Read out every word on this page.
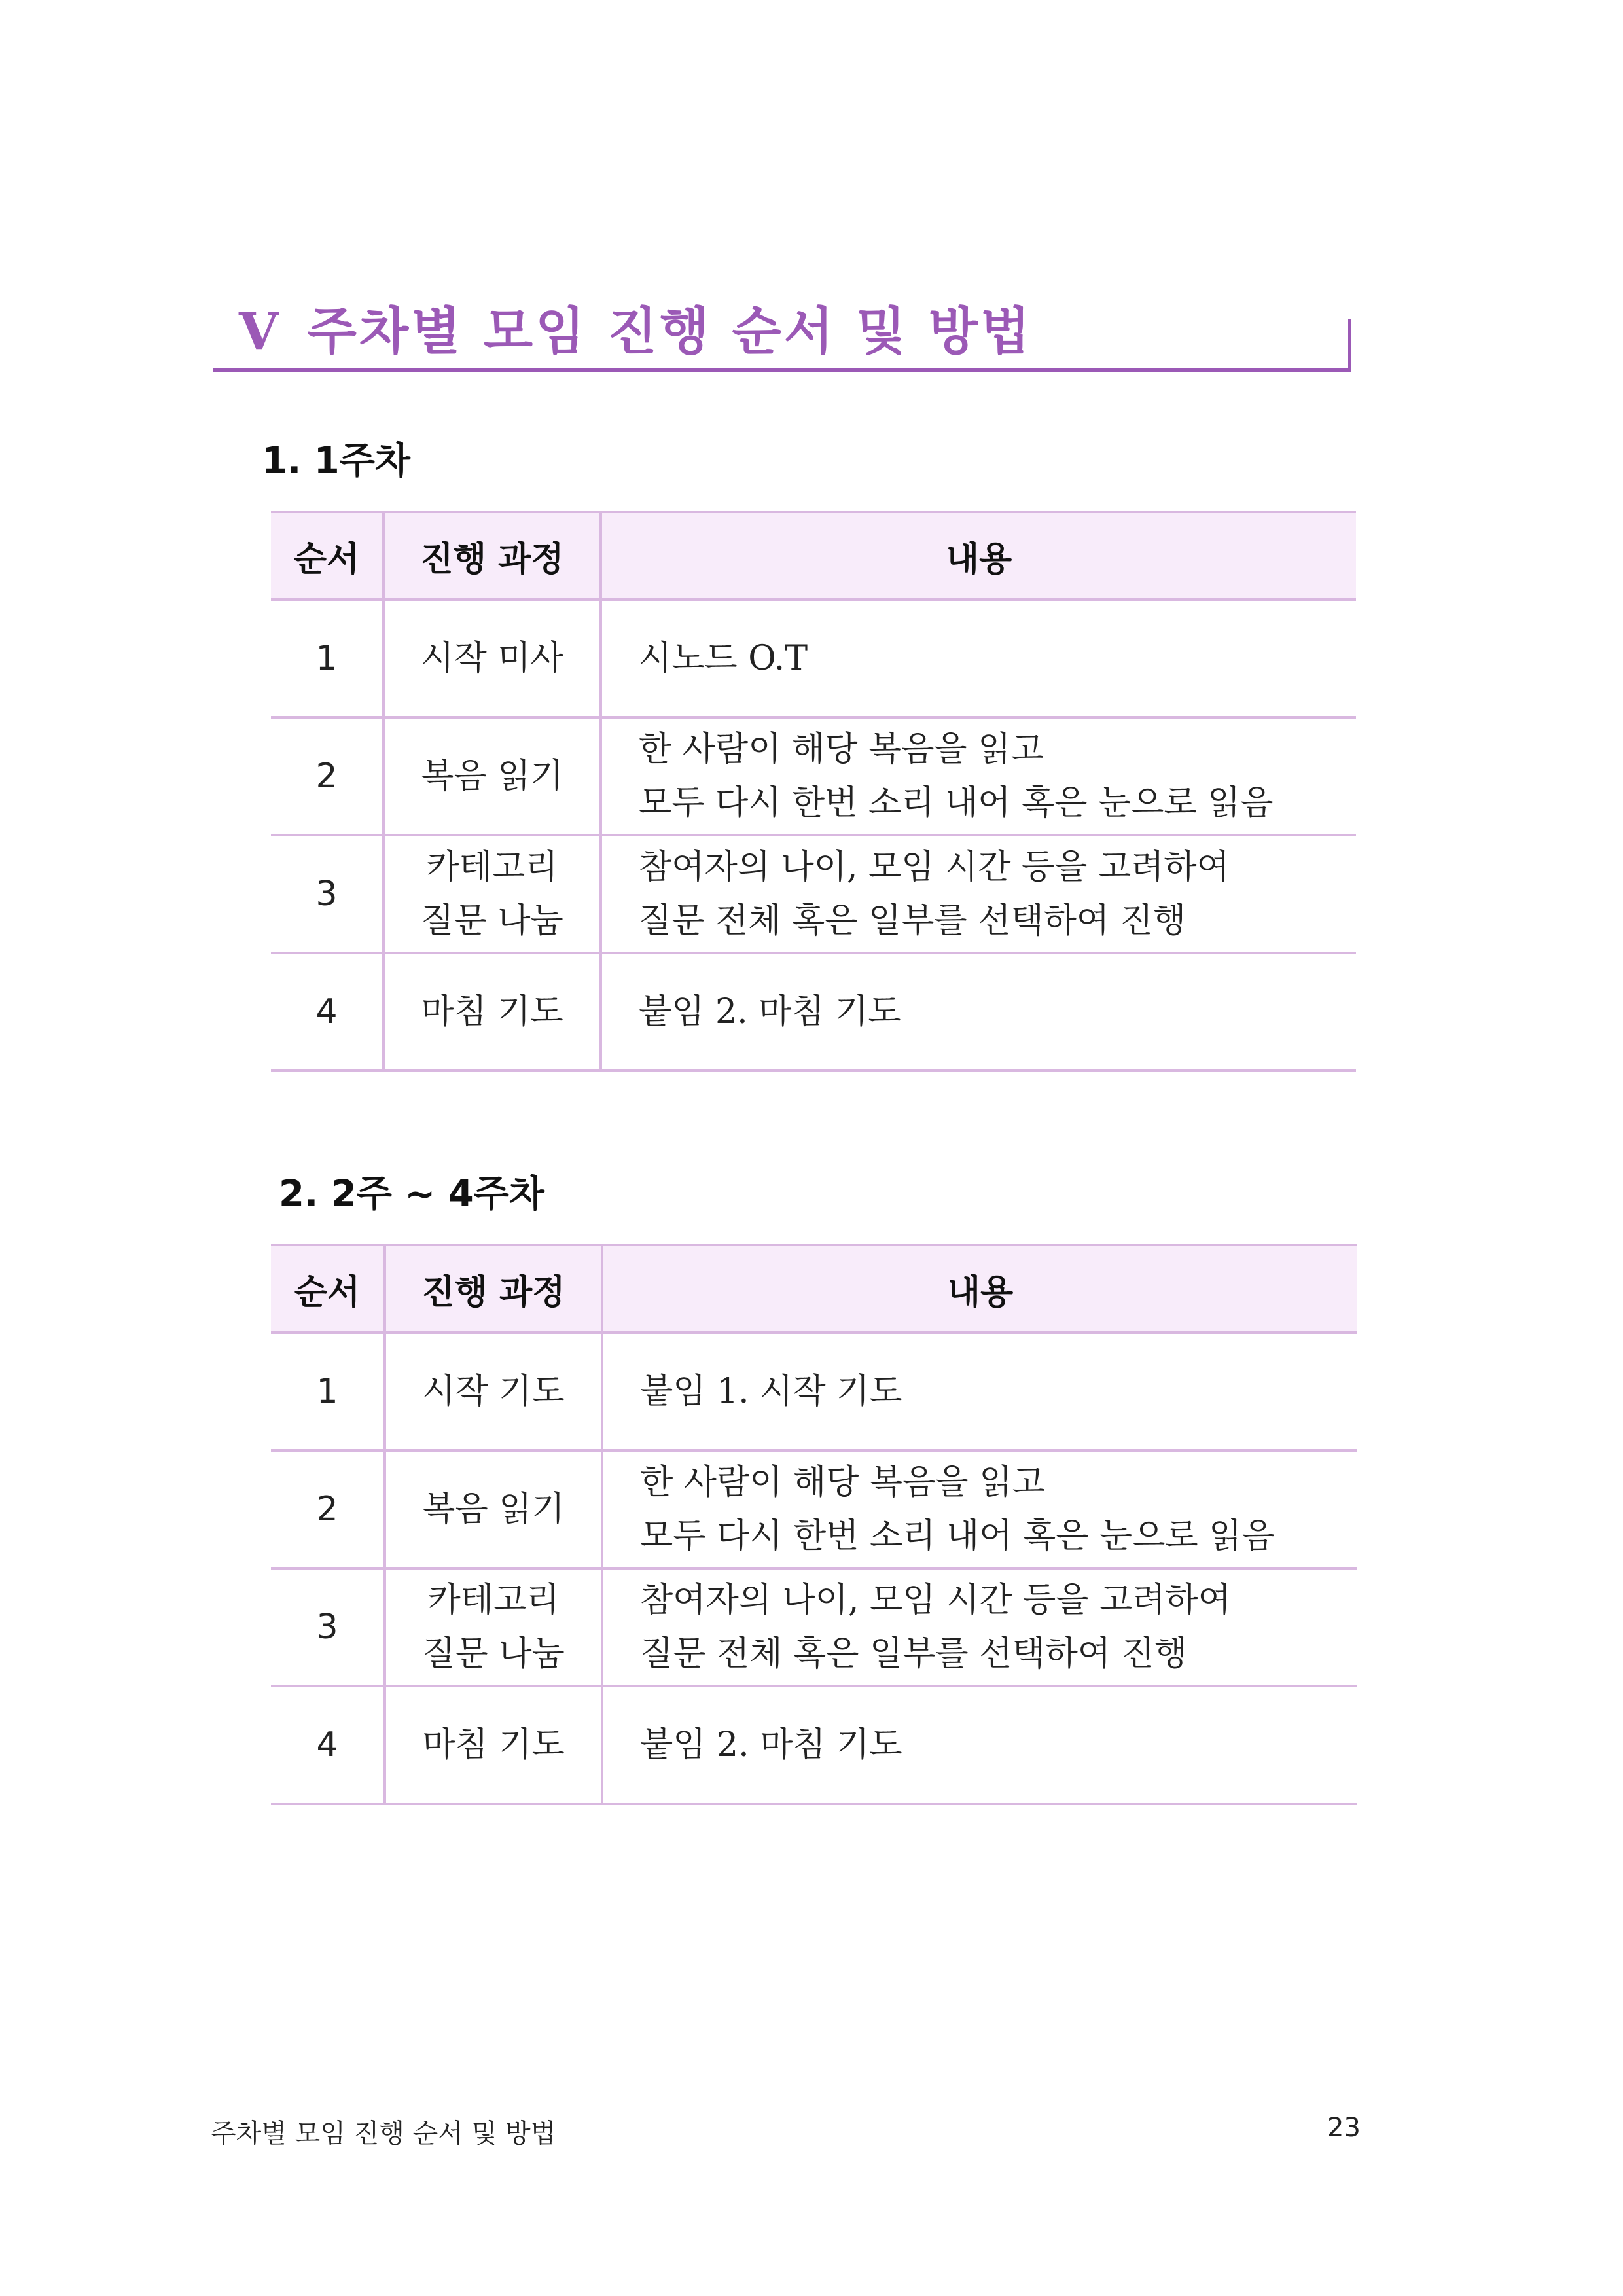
V 주차별 모임 진행 순서 및 방법
1. 1주차
순서	진행 과정	내용
1	시작 미사	시노드 O.T

2	복음 읽기	한 사람이 해당 복음을 읽고
모두 다시 한번 소리 내어 혹은 눈으로 읽음

3	카테고리
질문 나눔	참여자의 나이, 모임 시간 등을 고려하여
질문 전체 혹은 일부를 선택하여 진행

4	마침 기도	붙임 2. 마침 기도
2. 2주 ~ 4주차
순서	진행 과정	내용
1	시작 기도	붙임 1. 시작 기도

2	복음 읽기	한 사람이 해당 복음을 읽고
모두 다시 한번 소리 내어 혹은 눈으로 읽음

3	카테고리
질문 나눔	참여자의 나이, 모임 시간 등을 고려하여
질문 전체 혹은 일부를 선택하여 진행

4	마침 기도	붙임 2. 마침 기도
주차별 모임 진행 순서 및 방법	23
